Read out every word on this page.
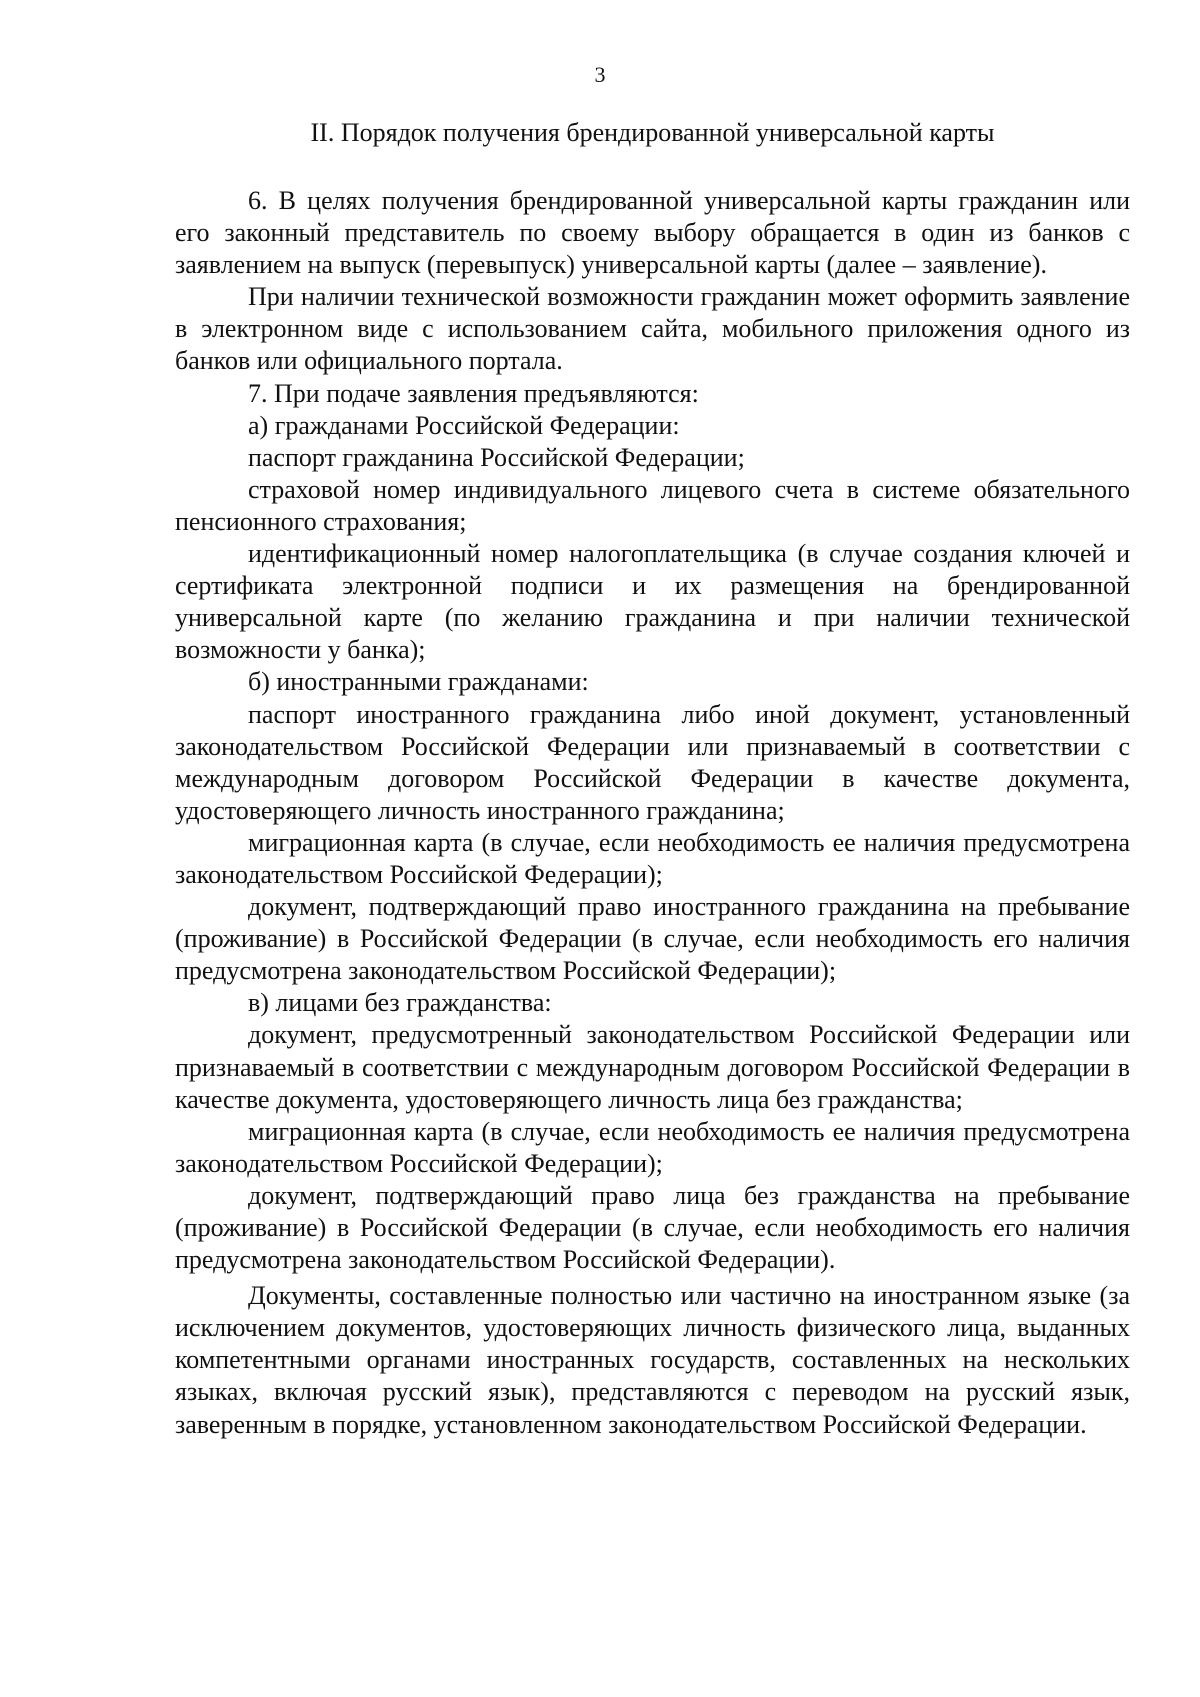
3
II. Порядок получения брендированной универсальной карты

6. В целях получения брендированной универсальной карты гражданин или его законный представитель по своему выбору обращается в один из банков с заявлением на выпуск (перевыпуск) универсальной карты (далее – заявление).

При наличии технической возможности гражданин может оформить заявление в электронном виде с использованием сайта, мобильного приложения одного из банков или официального портала.

7. При подаче заявления предъявляются:

а) гражданами Российской Федерации:

паспорт гражданина Российской Федерации;

страховой номер индивидуального лицевого счета в системе обязательного пенсионного страхования;

идентификационный номер налогоплательщика (в случае создания ключей и сертификата электронной подписи и их размещения на брендированной универсальной карте (по желанию гражданина и при наличии технической возможности у банка);

б) иностранными гражданами:

паспорт иностранного гражданина либо иной документ, установленный законодательством Российской Федерации или признаваемый в соответствии с международным договором Российской Федерации в качестве документа, удостоверяющего личность иностранного гражданина;

миграционная карта (в случае, если необходимость ее наличия предусмотрена законодательством Российской Федерации);

документ, подтверждающий право иностранного гражданина на пребывание (проживание) в Российской Федерации (в случае, если необходимость его наличия предусмотрена законодательством Российской Федерации);

в) лицами без гражданства:

документ, предусмотренный законодательством Российской Федерации или признаваемый в соответствии с международным договором Российской Федерации в качестве документа, удостоверяющего личность лица без гражданства;

миграционная карта (в случае, если необходимость ее наличия предусмотрена законодательством Российской Федерации);

документ, подтверждающий право лица без гражданства на пребывание (проживание) в Российской Федерации (в случае, если необходимость его наличия предусмотрена законодательством Российской Федерации).

Документы, составленные полностью или частично на иностранном языке (за исключением документов, удостоверяющих личность физического лица, выданных компетентными органами иностранных государств, составленных на нескольких языках, включая русский язык), представляются с переводом на русский язык, заверенным в порядке, установленном законодательством Российской Федерации.
